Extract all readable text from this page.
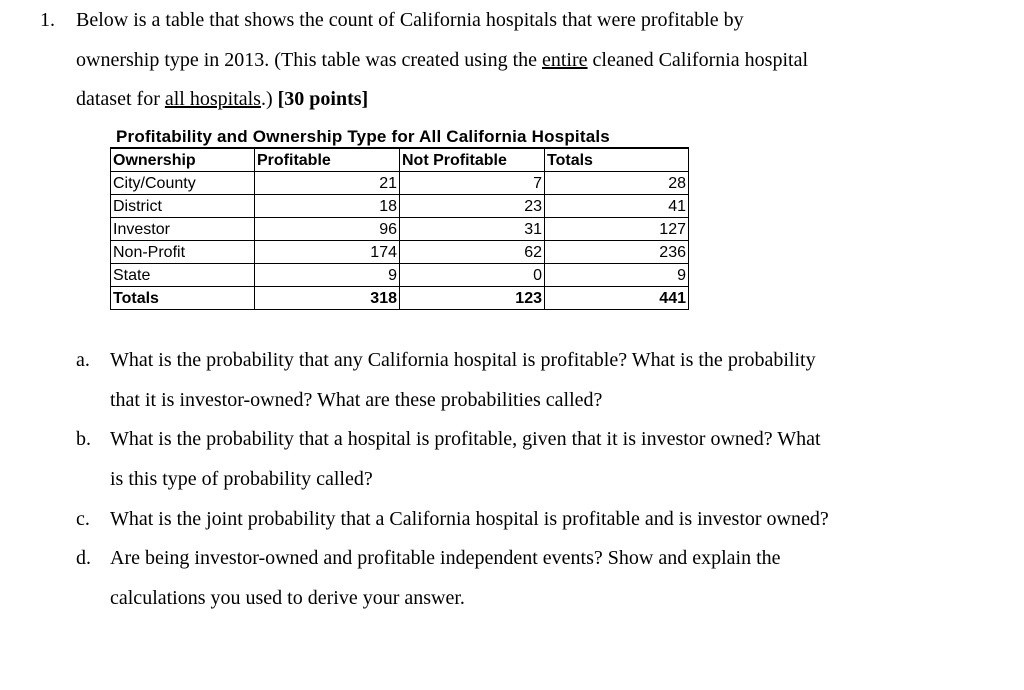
1. Below is a table that shows the count of California hospitals that were profitable by
ownership type in 2013. (This table was created using the entire cleaned California hospital
dataset for all hospitals.) [30 points]
Profitability and Ownership Type for All California Hospitals
Ownership	Profitable	Not Profitable	Totals
City/County	21	7	28
District	18	23	41
Investor	96	31	127
Non-Profit	174	62	236
State	9	0	9
Totals	318	123	441
a. What is the probability that any California hospital is profitable? What is the probability
that it is investor-owned? What are these probabilities called?
b. What is the probability that a hospital is profitable, given that it is investor owned? What
is this type of probability called?
c. What is the joint probability that a California hospital is profitable and is investor owned?
d. Are being investor-owned and profitable independent events? Show and explain the
calculations you used to derive your answer.
